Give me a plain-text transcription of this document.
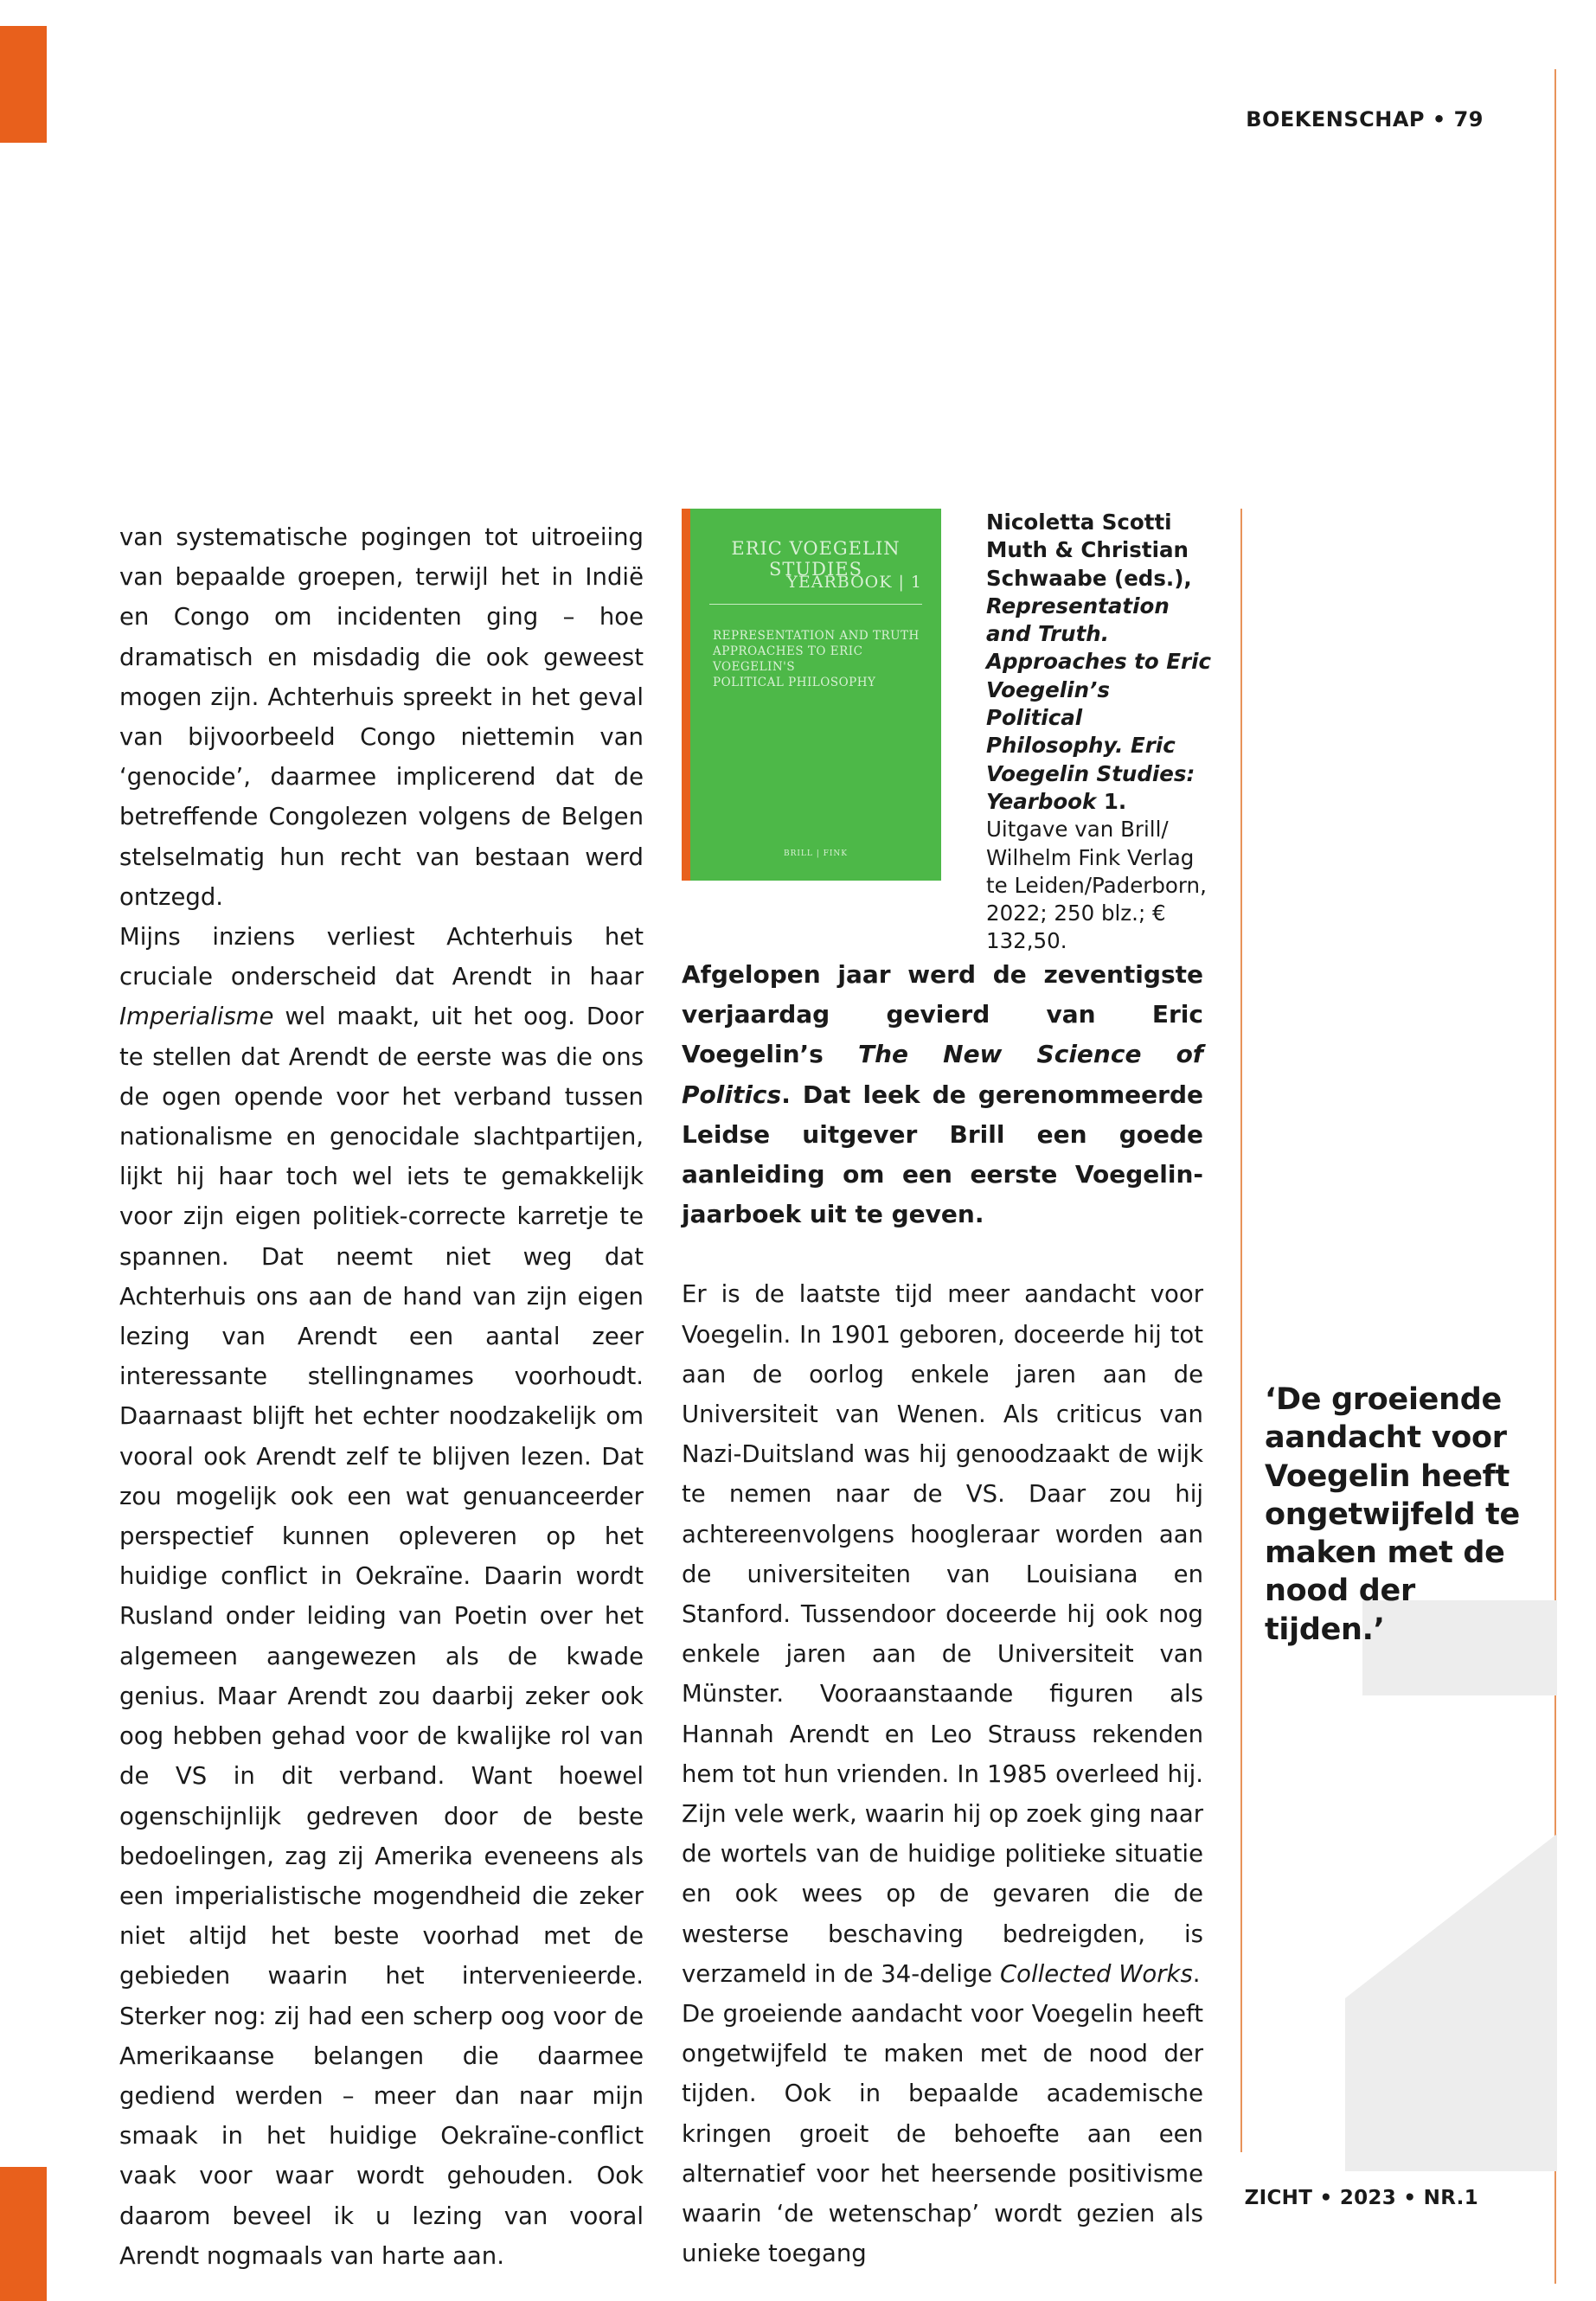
BOEKENSCHAP • 79

van systematische pogingen tot uitroeiing van bepaalde groepen, terwijl het in Indië en Congo om incidenten ging – hoe dramatisch en misdadig die ook geweest mogen zijn. Achterhuis spreekt in het geval van bijvoorbeeld Congo niettemin van ‘genocide’, daarmee implicerend dat de betreffende Congolezen volgens de Belgen stelselmatig hun recht van bestaan werd ontzegd.

Mijns inziens verliest Achterhuis het cruciale onderscheid dat Arendt in haar Imperialisme wel maakt, uit het oog. Door te stellen dat Arendt de eerste was die ons de ogen opende voor het verband tussen nationalisme en genocidale slachtpartijen, lijkt hij haar toch wel iets te gemakkelijk voor zijn eigen politiek-correcte karretje te spannen. Dat neemt niet weg dat Achterhuis ons aan de hand van zijn eigen lezing van Arendt een aantal zeer interessante stellingnames voorhoudt. Daarnaast blijft het echter noodzakelijk om vooral ook Arendt zelf te blijven lezen. Dat zou mogelijk ook een wat genuanceerder perspectief kunnen opleveren op het huidige conflict in Oekraïne. Daarin wordt Rusland onder leiding van Poetin over het algemeen aangewezen als de kwade genius. Maar Arendt zou daarbij zeker ook oog hebben gehad voor de kwalijke rol van de VS in dit verband. Want hoewel ogenschijnlijk gedreven door de beste bedoelingen, zag zij Amerika eveneens als een imperialistische mogendheid die zeker niet altijd het beste voorhad met de gebieden waarin het intervenieerde. Sterker nog: zij had een scherp oog voor de Amerikaanse belangen die daarmee gediend werden – meer dan naar mijn smaak in het huidige Oekraïne-conflict vaak voor waar wordt gehouden. Ook daarom beveel ik u lezing van vooral Arendt nogmaals van harte aan.

ERIC VOEGELIN STUDIES
YEARBOOK | 1
REPRESENTATION AND TRUTH
APPROACHES TO ERIC VOEGELIN'S
POLITICAL PHILOSOPHY
BRILL | FINK
Nicoletta Scotti Muth & Christian Schwaabe (eds.), Representation and Truth. Approaches to Eric Voegelin’s Political Philosophy. Eric Voegelin Studies: Yearbook 1. Uitgave van Brill/ Wilhelm Fink Verlag te Leiden/Paderborn, 2022; 250 blz.; € 132,50.

Afgelopen jaar werd de zeventigste verjaardag gevierd van Eric Voegelin’s The New Science of Politics. Dat leek de gerenommeerde Leidse uitgever Brill een goede aanleiding om een eerste Voegelin-jaarboek uit te geven.

Er is de laatste tijd meer aandacht voor Voegelin. In 1901 geboren, doceerde hij tot aan de oorlog enkele jaren aan de Universiteit van Wenen. Als criticus van Nazi-Duitsland was hij genoodzaakt de wijk te nemen naar de VS. Daar zou hij achtereenvolgens hoogleraar worden aan de universiteiten van Louisiana en Stanford. Tussendoor doceerde hij ook nog enkele jaren aan de Universiteit van Münster. Vooraanstaande figuren als Hannah Arendt en Leo Strauss rekenden hem tot hun vrienden. In 1985 overleed hij. Zijn vele werk, waarin hij op zoek ging naar de wortels van de huidige politieke situatie en ook wees op de gevaren die de westerse beschaving bedreigden, is verzameld in de 34-delige Collected Works.

De groeiende aandacht voor Voegelin heeft ongetwijfeld te maken met de nood der tijden. Ook in bepaalde academische kringen groeit de behoefte aan een alternatief voor het heersende positivisme waarin ‘de wetenschap’ wordt gezien als unieke toegang

‘De groeiende aandacht voor Voegelin heeft ongetwijfeld te maken met de nood der tijden.’
ZICHT • 2023 • NR.1
